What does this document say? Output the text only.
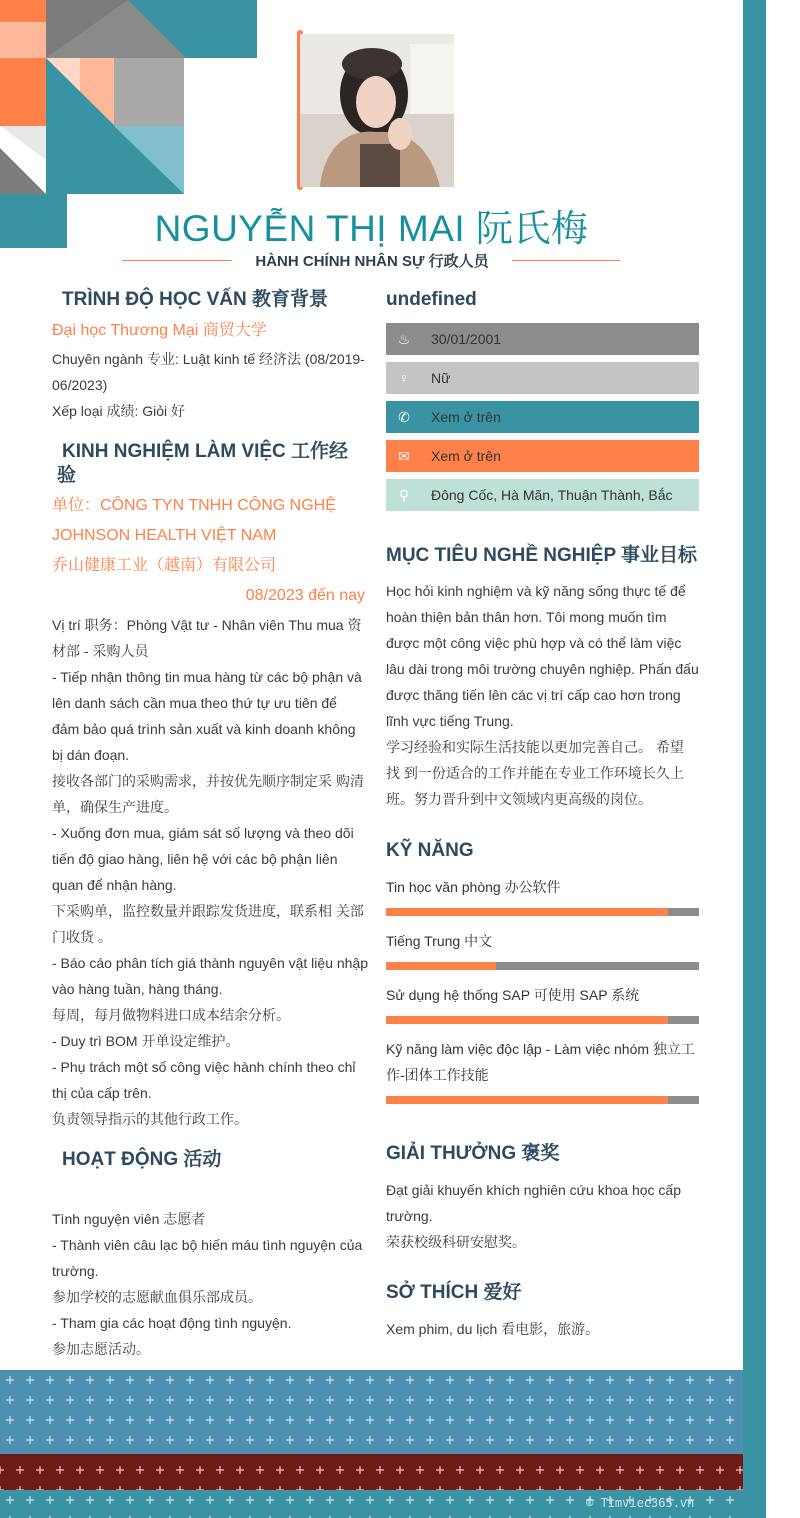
NGUYỄN THỊ MAI 阮氏梅
HÀNH CHÍNH NHÂN SỰ 行政人员
TRÌNH ĐỘ HỌC VẤN 教育背景
Đại học Thương Mại 商贸大学
Chuyên ngành 专业: Luật kinh tế 经济法 (08/2019-
06/2023)
Xếp loại 成绩: Giỏi 好
KINH NGHIỆM LÀM VIỆC 工作经
验
单位：CÔNG TYN TNHH CÔNG NGHỆ
JOHNSON HEALTH VIỆT NAM
乔山健康工业（越南）有限公司
08/2023 đến nay
Vị trí 职务：Phòng Vật tư - Nhân viên Thu mua 资
材部 - 采购人员
- Tiếp nhận thông tin mua hàng từ các bộ phận và
lên danh sách cần mua theo thứ tự ưu tiên để
đảm bảo quá trình sản xuất và kinh doanh không
bị dán đoạn.
接收各部门的采购需求，并按优先顺序制定采 购清
单，确保生产进度。
- Xuống đơn mua, giám sát số lượng và theo dõi
tiến độ giao hàng, liên hệ với các bộ phận liên
quan để nhận hàng.
下采购单，监控数量并跟踪发货进度，联系相 关部
门收货 。
- Báo cáo phân tích giá thành nguyên vật liệu nhập
vào hàng tuần, hàng tháng.
每周，每月做物料进口成本结余分析。
- Duy trì BOM 开单设定维护。
- Phụ trách một số công việc hành chính theo chỉ
thị của cấp trên.
负责领导指示的其他行政工作。
HOẠT ĐỘNG 活动
Tình nguyện viên 志愿者
- Thành viên câu lạc bộ hiến máu tình nguyện của
trường.
参加学校的志愿献血俱乐部成员。
- Tham gia các hoạt động tình nguyện.
参加志愿活动。
undefined
♨	30/01/2001
♀	Nữ
✆	Xem ở trên
✉	Xem ở trên
⚲	Đông Cốc, Hà Mãn, Thuận Thành, Bắc
MỤC TIÊU NGHỀ NGHIỆP 事业目标
Học hỏi kinh nghiệm và kỹ năng sống thực tế để
hoàn thiện bản thân hơn. Tôi mong muốn tìm
được một công việc phù hợp và có thể làm việc
lâu dài trong môi trường chuyên nghiệp. Phấn đấu
được thăng tiến lên các vị trí cấp cao hơn trong
lĩnh vực tiếng Trung.
学习经验和实际生活技能以更加完善自己。 希望
找 到一份适合的工作并能在专业工作环境长久上
班。努力晋升到中文领域内更高级的岗位。
KỸ NĂNG
Tin học văn phòng 办公软件
Tiếng Trung 中文
Sử dụng hệ thống SAP 可使用 SAP 系统
Kỹ năng làm việc độc lập - Làm việc nhóm 独立工
作-团体工作技能
GIẢI THƯỞNG 褒奖
Đạt giải khuyến khích nghiên cứu khoa học cấp
trường.
荣获校级科研安慰奖。
SỞ THÍCH 爱好
Xem phim, du lịch 看电影，旅游。
© Timviec365.vn
